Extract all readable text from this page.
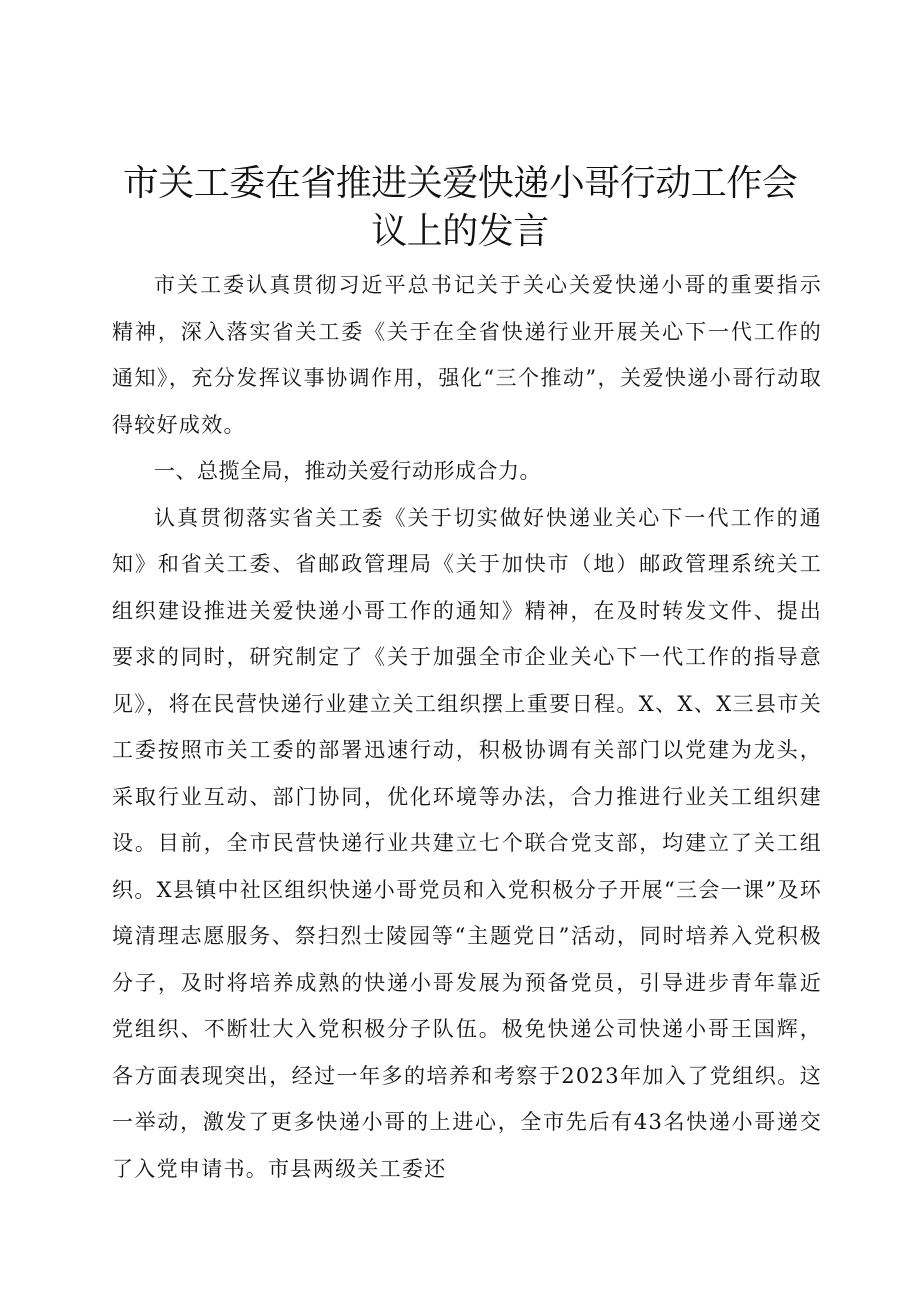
市关工委在省推进关爱快递小哥行动工作会议上的发言

市关工委认真贯彻习近平总书记关于关心关爱快递小哥的重要指示精神，深入落实省关工委《关于在全省快递行业开展关心下一代工作的通知》，充分发挥议事协调作用，强化“三个推动”，关爱快递小哥行动取得较好成效。

一、总揽全局，推动关爱行动形成合力。

认真贯彻落实省关工委《关于切实做好快递业关心下一代工作的通知》和省关工委、省邮政管理局《关于加快市（地）邮政管理系统关工组织建设推进关爱快递小哥工作的通知》精神，在及时转发文件、提出要求的同时，研究制定了《关于加强全市企业关心下一代工作的指导意见》，将在民营快递行业建立关工组织摆上重要日程。X、X、X三县市关工委按照市关工委的部署迅速行动，积极协调有关部门以党建为龙头，采取行业互动、部门协同，优化环境等办法，合力推进行业关工组织建设。目前，全市民营快递行业共建立七个联合党支部，均建立了关工组织。X县镇中社区组织快递小哥党员和入党积极分子开展“三会一课”及环境清理志愿服务、祭扫烈士陵园等“主题党日”活动，同时培养入党积极分子，及时将培养成熟的快递小哥发展为预备党员，引导进步青年靠近党组织、不断壮大入党积极分子队伍。极免快递公司快递小哥王国辉，各方面表现突出，经过一年多的培养和考察于2023年加入了党组织。这一举动，激发了更多快递小哥的上进心，全市先后有43名快递小哥递交了入党申请书。市县两级关工委还
